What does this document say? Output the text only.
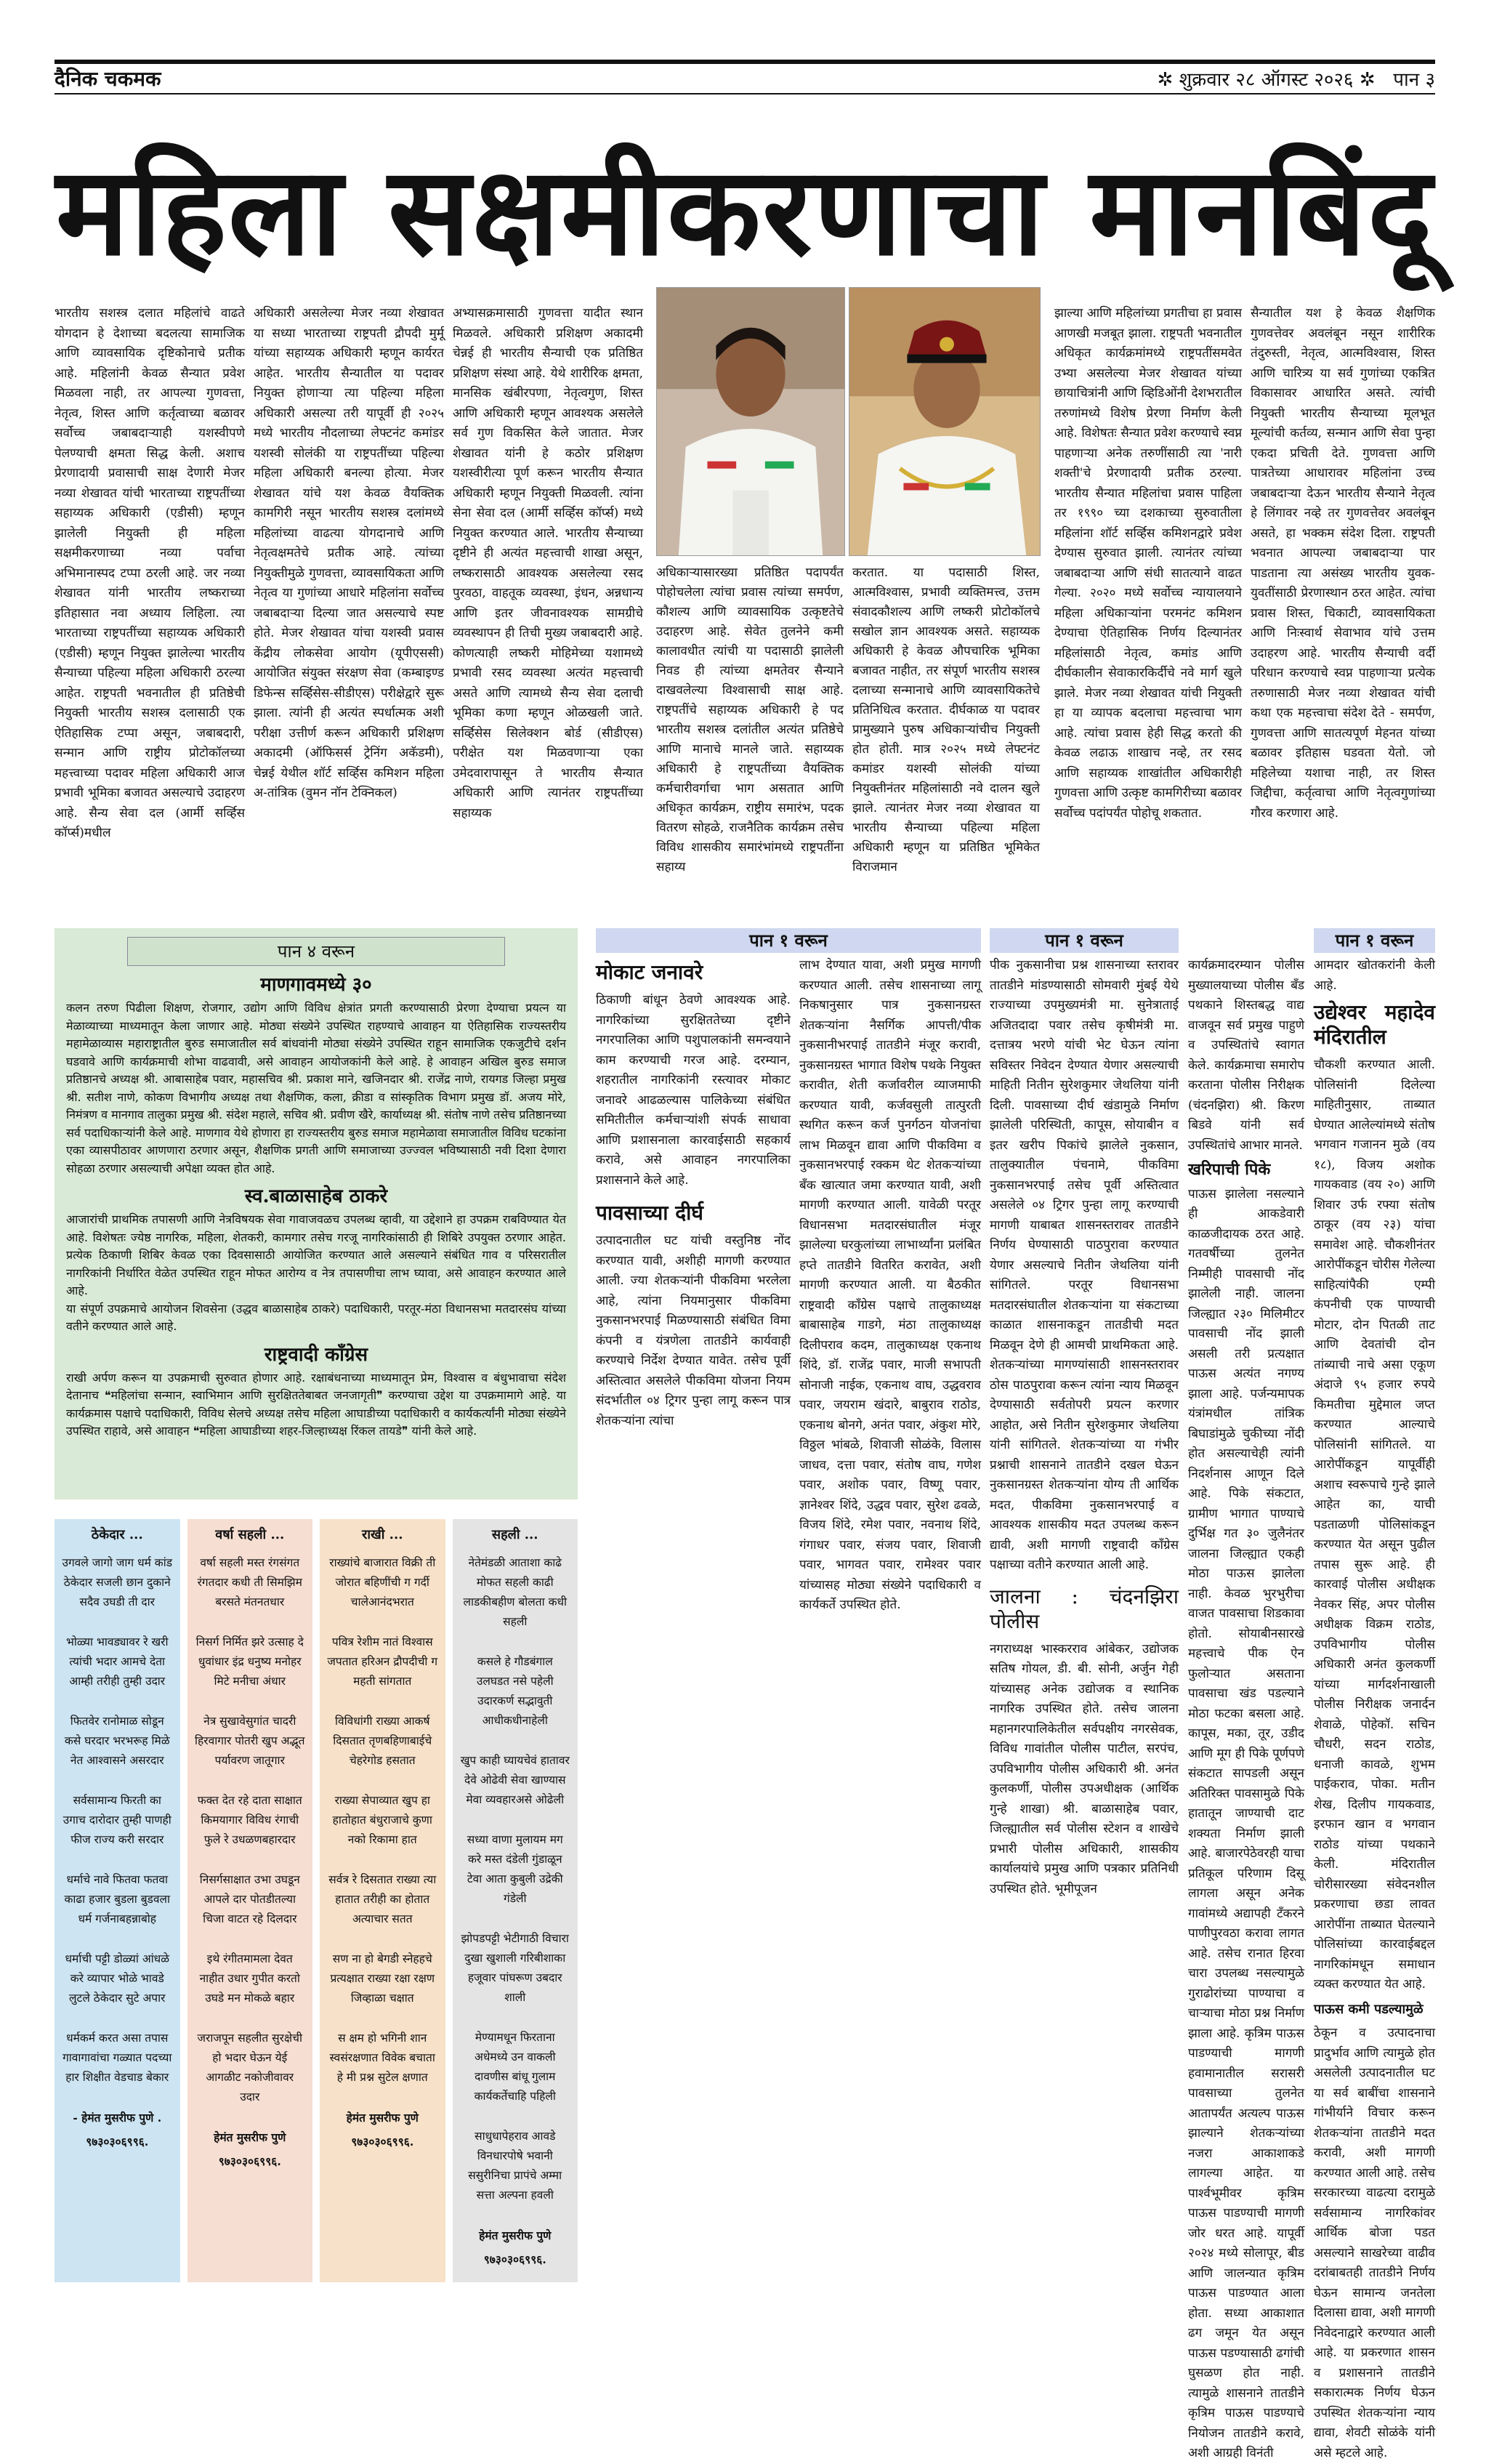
दैनिक चकमक	✲ शुक्रवार २८ ऑगस्ट २०२६ ✲ पान ३
महिला सक्षमीकरणाचा मानबिंदू

भारतीय सशस्त्र दलात महिलांचे वाढते योगदान हे देशाच्या बदलत्या सामाजिक आणि व्यावसायिक दृष्टिकोनाचे प्रतीक आहे. महिलांनी केवळ सैन्यात प्रवेश मिळवला नाही, तर आपल्या गुणवत्ता, नेतृत्व, शिस्त आणि कर्तृत्वाच्या बळावर सर्वोच्च जबाबदाऱ्याही यशस्वीपणे पेलण्याची क्षमता सिद्ध केली. अशाच प्रेरणादायी प्रवासाची साक्ष देणारी मेजर नव्या शेखावत यांची भारताच्या राष्ट्रपतींच्या सहाय्यक अधिकारी (एडीसी) म्हणून झालेली नियुक्ती ही महिला सक्षमीकरणाच्या नव्या पर्वाचा अभिमानास्पद टप्पा ठरली आहे. जर नव्या शेखावत यांनी भारतीय लष्कराच्या इतिहासात नवा अध्याय लिहिला. त्या भारताच्या राष्ट्रपतींच्या सहाय्यक अधिकारी (एडीसी) म्हणून नियुक्त झालेल्या भारतीय सैन्याच्या पहिल्या महिला अधिकारी ठरल्या आहेत. राष्ट्रपती भवनातील ही प्रतिष्ठेची नियुक्ती भारतीय सशस्त्र दलासाठी एक ऐतिहासिक टप्पा असून, जबाबदारी, सन्मान आणि राष्ट्रीय प्रोटोकॉलच्या महत्त्वाच्या पदावर महिला अधिकारी आज प्रभावी भूमिका बजावत असल्याचे उदाहरण आहे. सैन्य सेवा दल (आर्मी सर्व्हिस कॉर्प्स)मधील

अधिकारी असलेल्या मेजर नव्या शेखावत या सध्या भारताच्या राष्ट्रपती द्रौपदी मुर्मू यांच्या सहाय्यक अधिकारी म्हणून कार्यरत आहेत. भारतीय सैन्यातील या पदावर नियुक्त होणाऱ्या त्या पहिल्या महिला अधिकारी असल्या तरी यापूर्वी ही २०२५ मध्ये भारतीय नौदलाच्या लेफ्टनंट कमांडर यशस्वी सोलंकी या राष्ट्रपतींच्या पहिल्या महिला अधिकारी बनल्या होत्या. मेजर शेखावत यांचे यश केवळ वैयक्तिक कामगिरी नसून भारतीय सशस्त्र दलांमध्ये महिलांच्या वाढत्या योगदानाचे आणि नेतृत्वक्षमतेचे प्रतीक आहे. त्यांच्या नियुक्तीमुळे गुणवत्ता, व्यावसायिकता आणि नेतृत्व या गुणांच्या आधारे महिलांना सर्वोच्च जबाबदाऱ्या दिल्या जात असल्याचे स्पष्ट होते. मेजर शेखावत यांचा यशस्वी प्रवास केंद्रीय लोकसेवा आयोग (यूपीएससी) आयोजित संयुक्त संरक्षण सेवा (कम्बाइण्ड डिफेन्स सर्व्हिसेस-सीडीएस) परीक्षेद्वारे सुरू झाला. त्यांनी ही अत्यंत स्पर्धात्मक अशी परीक्षा उत्तीर्ण करून अधिकारी प्रशिक्षण अकादमी (ऑफिसर्स ट्रेनिंग अकॅडमी), चेन्नई येथील शॉर्ट सर्व्हिस कमिशन महिला अ-तांत्रिक (वुमन नॉन टेक्निकल)

अभ्यासक्रमासाठी गुणवत्ता यादीत स्थान मिळवले. अधिकारी प्रशिक्षण अकादमी चेन्नई ही भारतीय सैन्याची एक प्रतिष्ठित प्रशिक्षण संस्था आहे. येथे शारीरिक क्षमता, मानसिक खंबीरपणा, नेतृत्वगुण, शिस्त आणि अधिकारी म्हणून आवश्यक असलेले सर्व गुण विकसित केले जातात. मेजर शेखावत यांनी हे कठोर प्रशिक्षण यशस्वीरीत्या पूर्ण करून भारतीय सैन्यात अधिकारी म्हणून नियुक्ती मिळवली. त्यांना सेना सेवा दल (आर्मी सर्व्हिस कॉर्प्स) मध्ये नियुक्त करण्यात आले. भारतीय सैन्याच्या दृष्टीने ही अत्यंत महत्त्वाची शाखा असून, लष्करासाठी आवश्यक असलेल्या रसद पुरवठा, वाहतूक व्यवस्था, इंधन, अन्नधान्य आणि इतर जीवनावश्यक सामग्रीचे व्यवस्थापन ही तिची मुख्य जबाबदारी आहे. कोणत्याही लष्करी मोहिमेच्या यशामध्ये प्रभावी रसद व्यवस्था अत्यंत महत्त्वाची असते आणि त्यामध्ये सैन्य सेवा दलाची भूमिका कणा म्हणून ओळखली जाते. सर्व्हिसेस सिलेक्शन बोर्ड (सीडीएस) परीक्षेत यश मिळवणाऱ्या एका उमेदवारापासून ते भारतीय सैन्यात अधिकारी आणि त्यानंतर राष्ट्रपतींच्या सहाय्यक

अधिकाऱ्यासारख्या प्रतिष्ठित पदापर्यंत पोहोचलेला त्यांचा प्रवास त्यांच्या समर्पण, कौशल्य आणि व्यावसायिक उत्कृष्टतेचे उदाहरण आहे. सेवेत तुलनेने कमी कालावधीत त्यांची या पदासाठी झालेली निवड ही त्यांच्या क्षमतेवर सैन्याने दाखवलेल्या विश्वासाची साक्ष आहे. राष्ट्रपतींचे सहाय्यक अधिकारी हे पद भारतीय सशस्त्र दलांतील अत्यंत प्रतिष्ठेचे आणि मानाचे मानले जाते. सहाय्यक अधिकारी हे राष्ट्रपतींच्या वैयक्तिक कर्मचारीवर्गाचा भाग असतात आणि अधिकृत कार्यक्रम, राष्ट्रीय समारंभ, पदक वितरण सोहळे, राजनैतिक कार्यक्रम तसेच विविध शासकीय समारंभांमध्ये राष्ट्रपतींना सहाय्य

करतात. या पदासाठी शिस्त, आत्मविश्वास, प्रभावी व्यक्तिमत्त्व, उत्तम संवादकौशल्य आणि लष्करी प्रोटोकॉलचे सखोल ज्ञान आवश्यक असते. सहाय्यक अधिकारी हे केवळ औपचारिक भूमिका बजावत नाहीत, तर संपूर्ण भारतीय सशस्त्र दलाच्या सन्मानाचे आणि व्यावसायिकतेचे प्रतिनिधित्व करतात. दीर्घकाळ या पदावर प्रामुख्याने पुरुष अधिकाऱ्यांचीच नियुक्ती होत होती. मात्र २०२५ मध्ये लेफ्टनंट कमांडर यशस्वी सोलंकी यांच्या नियुक्तीनंतर महिलांसाठी नवे दालन खुले झाले. त्यानंतर मेजर नव्या शेखावत या भारतीय सैन्याच्या पहिल्या महिला अधिकारी म्हणून या प्रतिष्ठित भूमिकेत विराजमान

झाल्या आणि महिलांच्या प्रगतीचा हा प्रवास आणखी मजबूत झाला. राष्ट्रपती भवनातील अधिकृत कार्यक्रमांमध्ये राष्ट्रपतींसमवेत उभ्या असलेल्या मेजर शेखावत यांच्या छायाचित्रांनी आणि व्हिडिओंनी देशभरातील तरुणांमध्ये विशेष प्रेरणा निर्माण केली आहे. विशेषतः सैन्यात प्रवेश करण्याचे स्वप्न पाहणाऱ्या अनेक तरुणींसाठी त्या 'नारी शक्ती'चे प्रेरणादायी प्रतीक ठरल्या. भारतीय सैन्यात महिलांचा प्रवास पाहिला तर १९९० च्या दशकाच्या सुरुवातीला महिलांना शॉर्ट सर्व्हिस कमिशनद्वारे प्रवेश देण्यास सुरुवात झाली. त्यानंतर त्यांच्या जबाबदाऱ्या आणि संधी सातत्याने वाढत गेल्या. २०२० मध्ये सर्वोच्च न्यायालयाने महिला अधिकाऱ्यांना परमनंट कमिशन देण्याचा ऐतिहासिक निर्णय दिल्यानंतर महिलांसाठी नेतृत्व, कमांड आणि दीर्घकालीन सेवाकारकिर्दीचे नवे मार्ग खुले झाले. मेजर नव्या शेखावत यांची नियुक्ती हा या व्यापक बदलाचा महत्त्वाचा भाग आहे. त्यांचा प्रवास हेही सिद्ध करतो की केवळ लढाऊ शाखाच नव्हे, तर रसद आणि सहाय्यक शाखांतील अधिकारीही गुणवत्ता आणि उत्कृष्ट कामगिरीच्या बळावर सर्वोच्च पदांपर्यंत पोहोचू शकतात.

सैन्यातील यश हे केवळ शैक्षणिक गुणवत्तेवर अवलंबून नसून शारीरिक तंदुरुस्ती, नेतृत्व, आत्मविश्वास, शिस्त आणि चारित्र्य या सर्व गुणांच्या एकत्रित विकासावर आधारित असते. त्यांची नियुक्ती भारतीय सैन्याच्या मूलभूत मूल्यांची कर्तव्य, सन्मान आणि सेवा पुन्हा एकदा प्रचिती देते. गुणवत्ता आणि पात्रतेच्या आधारावर महिलांना उच्च जबाबदाऱ्या देऊन भारतीय सैन्याने नेतृत्व हे लिंगावर नव्हे तर गुणवत्तेवर अवलंबून असते, हा भक्कम संदेश दिला. राष्ट्रपती भवनात आपल्या जबाबदाऱ्या पार पाडताना त्या असंख्य भारतीय युवक-युवतींसाठी प्रेरणास्थान ठरत आहेत. त्यांचा प्रवास शिस्त, चिकाटी, व्यावसायिकता आणि निःस्वार्थ सेवाभाव यांचे उत्तम उदाहरण आहे. भारतीय सैन्याची वर्दी परिधान करण्याचे स्वप्न पाहणाऱ्या प्रत्येक तरुणासाठी मेजर नव्या शेखावत यांची कथा एक महत्त्वाचा संदेश देते - समर्पण, गुणवत्ता आणि सातत्यपूर्ण मेहनत यांच्या बळावर इतिहास घडवता येतो. जो महिलेच्या यशाचा नाही, तर शिस्त जिद्दीचा, कर्तृत्वाचा आणि नेतृत्वगुणांच्या गौरव करणारा आहे.

पान ४ वरून
माणगावमध्ये ३०
कलन तरुण पिढीला शिक्षण, रोजगार, उद्योग आणि विविध क्षेत्रांत प्रगती करण्यासाठी प्रेरणा देण्याचा प्रयत्न या मेळाव्याच्या माध्यमातून केला जाणार आहे. मोठ्या संख्येने उपस्थित राहण्याचे आवाहन या ऐतिहासिक राज्यस्तरीय महामेळाव्यास महाराष्ट्रातील बुरुड समाजातील सर्व बांधवांनी मोठ्या संख्येने उपस्थित राहून सामाजिक एकजुटीचे दर्शन घडवावे आणि कार्यक्रमाची शोभा वाढवावी, असे आवाहन आयोजकांनी केले आहे. हे आवाहन अखिल बुरुड समाज प्रतिष्ठानचे अध्यक्ष श्री. आबासाहेब पवार, महासचिव श्री. प्रकाश माने, खजिनदार श्री. राजेंद्र नाणे, रायगड जिल्हा प्रमुख श्री. सतीश नाणे, कोकण विभागीय अध्यक्ष तथा शैक्षणिक, कला, क्रीडा व सांस्कृतिक विभाग प्रमुख डॉ. अजय मोरे, निमंत्रण व मानगाव तालुका प्रमुख श्री. संदेश महाले, सचिव श्री. प्रवीण खैरे, कार्याध्यक्ष श्री. संतोष नाणे तसेच प्रतिष्ठानच्या सर्व पदाधिकाऱ्यांनी केले आहे. माणगाव येथे होणारा हा राज्यस्तरीय बुरुड समाज महामेळावा समाजातील विविध घटकांना एका व्यासपीठावर आणणारा ठरणार असून, शैक्षणिक प्रगती आणि समाजाच्या उज्ज्वल भविष्यासाठी नवी दिशा देणारा सोहळा ठरणार असल्याची अपेक्षा व्यक्त होत आहे.
स्व.बाळासाहेब ठाकरे
आजारांची प्राथमिक तपासणी आणि नेत्रविषयक सेवा गावाजवळच उपलब्ध व्हावी, या उद्देशाने हा उपक्रम राबविण्यात येत आहे. विशेषतः ज्येष्ठ नागरिक, महिला, शेतकरी, कामगार तसेच गरजू नागरिकांसाठी ही शिबिरे उपयुक्त ठरणार आहेत. प्रत्येक ठिकाणी शिबिर केवळ एका दिवसासाठी आयोजित करण्यात आले असल्याने संबंधित गाव व परिसरातील नागरिकांनी निर्धारित वेळेत उपस्थित राहून मोफत आरोग्य व नेत्र तपासणीचा लाभ घ्यावा, असे आवाहन करण्यात आले आहे.
या संपूर्ण उपक्रमाचे आयोजन शिवसेना (उद्धव बाळासाहेब ठाकरे) पदाधिकारी, परतूर-मंठा विधानसभा मतदारसंघ यांच्या वतीने करण्यात आले आहे.
राष्ट्रवादी काँग्रेस
राखी अर्पण करून या उपक्रमाची सुरुवात होणार आहे. रक्षाबंधनाच्या माध्यमातून प्रेम, विश्वास व बंधुभावाचा संदेश देतानाच ❝महिलांचा सन्मान, स्वाभिमान आणि सुरक्षिततेबाबत जनजागृती❞ करण्याचा उद्देश या उपक्रमामागे आहे. या कार्यक्रमास पक्षाचे पदाधिकारी, विविध सेलचे अध्यक्ष तसेच महिला आघाडीच्या पदाधिकारी व कार्यकर्त्यांनी मोठ्या संख्येने उपस्थित राहावे, असे आवाहन ❝महिला आघाडीच्या शहर-जिल्हाध्यक्ष रिंकल तायडे❞ यांनी केले आहे.
ठेकेदार ...
उगवले जागो जाग धर्म कांड ठेकेदार सजली छान दुकाने सदैव उघडी ती दार
भोळ्या भावड्यावर रे खरी त्यांची भदार आमचे देता आम्ही तरीही तुम्ही उदार
फितवेर रानोमाळ सोडून कसे घरदार भरभरूह मिळे नेत आश्वासने असरदार
सर्वसामान्य फिरती का उगाच दारोदार तुम्ही पाणही फीज राज्य करी सरदार
धर्माचे नावे फितवा फतवा काढा हजार बुडला बुडवला धर्म गर्जनाबहन्नाबोह
धर्माची पट्टी डोळ्यां आंधळे करे व्यापार भोळे भावडे लुटले ठेकेदार सुटे अपार
धर्मकर्म करत असा तपास गावागावांचा गळ्यात पदच्या हार शिक्षीत वेडचाड बेकार
- हेमंत मुसरीफ पुणे .
९७३०३०६९९६.
वर्षा सहली ...
वर्षा सहली मस्त रंगसंगत रंगतदार कधी ती सिमझिम बरसते मंतनतधार
निसर्ग निर्मित झरे उत्साह दे धुवांधार इंद्र धनुष्य मनोहर मिटे मनीचा अंधार
नेत्र सुखावेसुगांत चादरी हिरवागार पोतरी खुप अद्भूत पर्यावरण जातूगार
फक्त देत रहे दाता साक्षात किमयागार विविध रंगाची फुले रे उधळणबहारदार
निसर्गसाक्षात उभा उघडून आपले दार पोतडीतल्या चिजा वाटत रहे दिलदार
इथे रंगीतमामला देवत नाहीत उधार गुपीत करतो उघडे मन मोकळे बहार
जराजपून सहलीत सुरक्षेची हो भदार घेऊन येई आगळीट नकोजीवावर उदार
हेमंत मुसरीफ पुणे
९७३०३०६९९६.
राखी ...
राख्यांचे बाजारात विक्री ती जोरात बहिणींची ग गर्दी चालेआनंदभरात
पवित्र रेशीम नातं विश्वास जपतात हरिअन द्रौपदीची ग महती सांगतात
विविधांगी राख्या आकर्ष दिसतात तृणबहिणाबाईचे चेहरेगोड हसतात
राख्या सेपाव्यात खुप हा हातोहात बंधुराजाचे कुणा नको रिकामा हात
सर्वत्र रे दिसतात राख्या त्या हातात तरीही का होतात अत्याचार सतत
सण ना हो बेगडी स्नेहहचे प्रत्यक्षात राख्या रक्षा रक्षण जिव्हाळा चक्षात
स क्षम हो भगिनी शान स्वसंरक्षणात विवेक बचाता हे मी प्रश्न सुटेल क्षणात
हेमंत मुसरीफ पुणे
९७३०३०६९९६.
सहली ...
नेतेमंडळी आताशा काढे मोफत सहली काढी लाडकीबहीण बोलता कधी सहली
कसले हे गौडबंगाल उलघडत नसे पहेली उदारकर्ण सद्भावुती आधीकधीनाहेली
खुप काही घ्यायचेवं हातावर देवे ओढेवी सेवा खाण्यास मेवा व्यवहारअसे ओढेली
सध्या वाणा मुलायम मग करे मस्त दंडेली गुंडाळून टेवा आता कुबुली उद्रेकी गंडेली
झोपडपट्टी भेटीगाठी विचारा दुखा खुशाली गरिबीशाका हजूवार पांघरूण उबदार शाली
मेण्यामधून फिरताना अधेमध्ये उन वाकली दावणीस बांधू गुलाम कार्यकर्तेचाहि पहिली
साधुधापेहराव आवडे विनधारपोषे भवानी ससुरीनिचा प्रापंचे अम्मा सत्ता अल्पना हवली
हेमंत मुसरीफ पुणे
९७३०३०६९९६.
पान १ वरून
मोकाट जनावरे

ठिकाणी बांधून ठेवणे आवश्यक आहे. नागरिकांच्या सुरक्षिततेच्या दृष्टीने नगरपालिका आणि पशुपालकांनी समन्वयाने काम करण्याची गरज आहे. दरम्यान, शहरातील नागरिकांनी रस्त्यावर मोकाट जनावरे आढळल्यास पालिकेच्या संबंधित समितीतील कर्मचाऱ्यांशी संपर्क साधावा आणि प्रशासनाला कारवाईसाठी सहकार्य करावे, असे आवाहन नगरपालिका प्रशासनाने केले आहे.

पावसाच्या दीर्घ

उत्पादनातील घट यांची वस्तुनिष्ठ नोंद करण्यात यावी, अशीही मागणी करण्यात आली. ज्या शेतकऱ्यांनी पीकविमा भरलेला आहे, त्यांना नियमानुसार पीकविमा नुकसानभरपाई मिळण्यासाठी संबंधित विमा कंपनी व यंत्रणेला तातडीने कार्यवाही करण्याचे निर्देश देण्यात यावेत. तसेच पूर्वी अस्तित्वात असलेले पीकविमा योजना नियम संदर्भातील ०४ ट्रिगर पुन्हा लागू करून पात्र शेतकऱ्यांना त्यांचा

लाभ देण्यात यावा, अशी प्रमुख मागणी करण्यात आली. तसेच शासनाच्या लागू निकषानुसार पात्र नुकसानग्रस्त शेतकऱ्यांना नैसर्गिक आपत्ती/पीक नुकसानीभरपाई तातडीने मंजूर करावी, नुकसानग्रस्त भागात विशेष पथके नियुक्त करावीत, शेती कर्जावरील व्याजमाफी करण्यात यावी, कर्जवसुली तात्पुरती स्थगित करून कर्ज पुनर्गठन योजनांचा लाभ मिळवून द्यावा आणि पीकविमा व नुकसानभरपाई रक्कम थेट शेतकऱ्यांच्या बँक खात्यात जमा करण्यात यावी, अशी मागणी करण्यात आली. यावेळी परतूर विधानसभा मतदारसंघातील मंजूर झालेल्या घरकुलांच्या लाभार्थ्यांना प्रलंबित हप्ते तातडीने वितरित करावेत, अशी मागणी करण्यात आली. या बैठकीत राष्ट्रवादी काँग्रेस पक्षाचे तालुकाध्यक्ष बाबासाहेब गाडगे, मंठा तालुकाध्यक्ष दिलीपराव कदम, तालुकाध्यक्ष एकनाथ शिंदे, डॉ. राजेंद्र पवार, माजी सभापती सोनाजी नाईक, एकनाथ वाघ, उद्धवराव पवार, जयराम खंदारे, बाबुराव राठोड, एकनाथ बोनगे, अनंत पवार, अंकुश मोरे, विठ्ठल भांबळे, शिवाजी सोळंके, विलास जाधव, दत्ता पवार, संतोष वाघ, गणेश पवार, अशोक पवार, विष्णू पवार, ज्ञानेश्वर शिंदे, उद्धव पवार, सुरेश ढवळे, विजय शिंदे, रमेश पवार, नवनाथ शिंदे, गंगाधर पवार, संजय पवार, शिवाजी पवार, भागवत पवार, रामेश्वर पवार यांच्यासह मोठ्या संख्येने पदाधिकारी व कार्यकर्ते उपस्थित होते.

पीक नुकसानीचा प्रश्न शासनाच्या स्तरावर तातडीने मांडण्यासाठी सोमवारी मुंबई येथे राज्याच्या उपमुख्यमंत्री मा. सुनेत्राताई अजितदादा पवार तसेच कृषीमंत्री मा. दत्तात्रय भरणे यांची भेट घेऊन त्यांना सविस्तर निवेदन देण्यात येणार असल्याची माहिती नितीन सुरेशकुमार जेथलिया यांनी दिली. पावसाच्या दीर्घ खंडामुळे निर्माण झालेली परिस्थिती, कापूस, सोयाबीन व इतर खरीप पिकांचे झालेले नुकसान, तालुक्यातील पंचनामे, पीकविमा नुकसानभरपाई तसेच पूर्वी अस्तित्वात असलेले ०४ ट्रिगर पुन्हा लागू करण्याची मागणी याबाबत शासनस्तरावर तातडीने निर्णय घेण्यासाठी पाठपुरावा करण्यात येणार असल्याचे नितीन जेथलिया यांनी सांगितले. परतूर विधानसभा मतदारसंघातील शेतकऱ्यांना या संकटाच्या काळात शासनाकडून तातडीची मदत मिळवून देणे ही आमची प्राथमिकता आहे. शेतकऱ्यांच्या मागण्यांसाठी शासनस्तरावर ठोस पाठपुरावा करून त्यांना न्याय मिळवून देण्यासाठी सर्वतोपरी प्रयत्न करणार आहोत, असे नितीन सुरेशकुमार जेथलिया यांनी सांगितले. शेतकऱ्यांच्या या गंभीर प्रश्नाची शासनाने तातडीने दखल घेऊन नुकसानग्रस्त शेतकऱ्यांना योग्य ती आर्थिक मदत, पीकविमा नुकसानभरपाई व आवश्यक शासकीय मदत उपलब्ध करून द्यावी, अशी मागणी राष्ट्रवादी काँग्रेस पक्षाच्या वतीने करण्यात आली आहे.

जालना : चंदनझिरा पोलीस

नगराध्यक्ष भास्करराव आंबेकर, उद्योजक सतिष गोयल, डी. बी. सोनी, अर्जुन गेही यांच्यासह अनेक उद्योजक व स्थानिक नागरिक उपस्थित होते. तसेच जालना महानगरपालिकेतील सर्वपक्षीय नगरसेवक, विविध गावांतील पोलीस पाटील, सरपंच, उपविभागीय पोलीस अधिकारी श्री. अनंत कुलकर्णी, पोलीस उपअधीक्षक (आर्थिक गुन्हे शाखा) श्री. बाळासाहेब पवार, जिल्ह्यातील सर्व पोलीस स्टेशन व शाखेचे प्रभारी पोलीस अधिकारी, शासकीय कार्यालयांचे प्रमुख आणि पत्रकार प्रतिनिधी उपस्थित होते. भूमीपूजन

पान १ वरून

कार्यक्रमादरम्यान पोलीस मुख्यालयाच्या पोलीस बँड पथकाने शिस्तबद्ध वाद्य वाजवून सर्व प्रमुख पाहुणे व उपस्थितांचे स्वागत केले. कार्यक्रमाचा समारोप करताना पोलीस निरीक्षक (चंदनझिरा) श्री. किरण बिडवे यांनी सर्व उपस्थितांचे आभार मानले.

खरिपाची पिके

पाऊस झालेला नसल्याने ही आकडेवारी काळजीदायक ठरत आहे. गतवर्षीच्या तुलनेत निम्मीही पावसाची नोंद झालेली नाही. जालना जिल्ह्यात २३० मिलिमीटर पावसाची नोंद झाली असली तरी प्रत्यक्षात पाऊस अत्यंत नगण्य झाला आहे. पर्जन्यमापक यंत्रांमधील तांत्रिक बिघाडांमुळे चुकीच्या नोंदी होत असल्याचेही त्यांनी निदर्शनास आणून दिले आहे. पिके संकटात, ग्रामीण भागात पाण्याचे दुर्भिक्ष गत ३० जुलैनंतर जालना जिल्ह्यात एकही मोठा पाऊस झालेला नाही. केवळ भुरभुरीचा वाजत पावसाचा शिडकावा होतो. सोयाबीनसारखे महत्त्वाचे पीक ऐन फुलोऱ्यात असताना पावसाचा खंड पडल्याने मोठा फटका बसला आहे. कापूस, मका, तूर, उडीद आणि मूग ही पिके पूर्णपणे संकटात सापडली असून अतिरिक्त पावसामुळे पिके हातातून जाण्याची दाट शक्यता निर्माण झाली आहे. बाजारपेठेवरही याचा प्रतिकूल परिणाम दिसू लागला असून अनेक गावांमध्ये अद्यापही टँकरने पाणीपुरवठा करावा लागत आहे. तसेच रानात हिरवा चारा उपलब्ध नसल्यामुळे गुराढोरांच्या पाण्याचा व चाऱ्याचा मोठा प्रश्न निर्माण झाला आहे. कृत्रिम पाऊस पाडण्याची मागणी हवामानातील सरासरी पावसाच्या तुलनेत आतापर्यंत अत्यल्प पाऊस झाल्याने शेतकऱ्यांच्या नजरा आकाशाकडे लागल्या आहेत. या पार्श्वभूमीवर कृत्रिम पाऊस पाडण्याची मागणी जोर धरत आहे. यापूर्वी २०२४ मध्ये सोलापूर, बीड आणि जालन्यात कृत्रिम पाऊस पाडण्यात आला होता. सध्या आकाशात ढग जमून येत असून पाऊस पडण्यासाठी ढगांची घुसळण होत नाही. त्यामुळे शासनाने तातडीने कृत्रिम पाऊस पाडण्याचे नियोजन तातडीने करावे, अशी आग्रही विनंती

पान १ वरून

आमदार खोतकरांनी केली आहे.

उद्येश्वर महादेव मंदिरातील

चौकशी करण्यात आली. पोलिसांनी दिलेल्या माहितीनुसार, ताब्यात घेण्यात आलेल्यांमध्ये संतोष भगवान गजानन मुळे (वय १८), विजय अशोक गायकवाड (वय २०) आणि शिवार उर्फ रफ्या संतोष ठाकूर (वय २३) यांचा समावेश आहे. चौकशीनंतर आरोपींकडून चोरीस गेलेल्या साहित्यांपैकी एम्पी कंपनीची एक पाण्याची मोटार, दोन पितळी ताट आणि देवतांची दोन तांब्याची नाचे असा एकूण अंदाजे ९५ हजार रुपये किमतीचा मुद्देमाल जप्त करण्यात आल्याचे पोलिसांनी सांगितले. या आरोपींकडून यापूर्वीही अशाच स्वरूपाचे गुन्हे झाले आहेत का, याची पडताळणी पोलिसांकडून करण्यात येत असून पुढील तपास सुरू आहे. ही कारवाई पोलीस अधीक्षक नेवकर सिंह, अपर पोलीस अधीक्षक विक्रम राठोड, उपविभागीय पोलीस अधिकारी अनंत कुलकर्णी यांच्या मार्गदर्शनाखाली पोलीस निरीक्षक जनार्दन शेवाळे, पोहेकॉ. सचिन चौधरी, सदन राठोड, धनाजी कावळे, शुभम पाईकराव, पोका. मतीन शेख, दिलीप गायकवाड, इरफान खान व भगवान राठोड यांच्या पथकाने केली. मंदिरातील चोरीसारख्या संवेदनशील प्रकरणाचा छडा लावत आरोपींना ताब्यात घेतल्याने पोलिसांच्या कारवाईबद्दल नागरिकांमधून समाधान व्यक्त करण्यात येत आहे.

पाऊस कमी पडल्यामुळे

ठेकून व उत्पादनाचा प्रादुर्भाव आणि त्यामुळे होत असलेली उत्पादनातील घट या सर्व बाबींचा शासनाने गांभीर्याने विचार करून शेतकऱ्यांना तातडीने मदत करावी, अशी मागणी करण्यात आली आहे. तसेच सरकारच्या वाढत्या दरामुळे सर्वसामान्य नागरिकांवर आर्थिक बोजा पडत असल्याने साखरेच्या वाढीव दरांबाबतही तातडीने निर्णय घेऊन सामान्य जनतेला दिलासा द्यावा, अशी मागणी निवेदनाद्वारे करण्यात आली आहे. या प्रकरणात शासन व प्रशासनाने तातडीने सकारात्मक निर्णय घेऊन उपस्थित शेतकऱ्यांना न्याय द्यावा, शेवटी सोळंके यांनी असे म्हटले आहे.
